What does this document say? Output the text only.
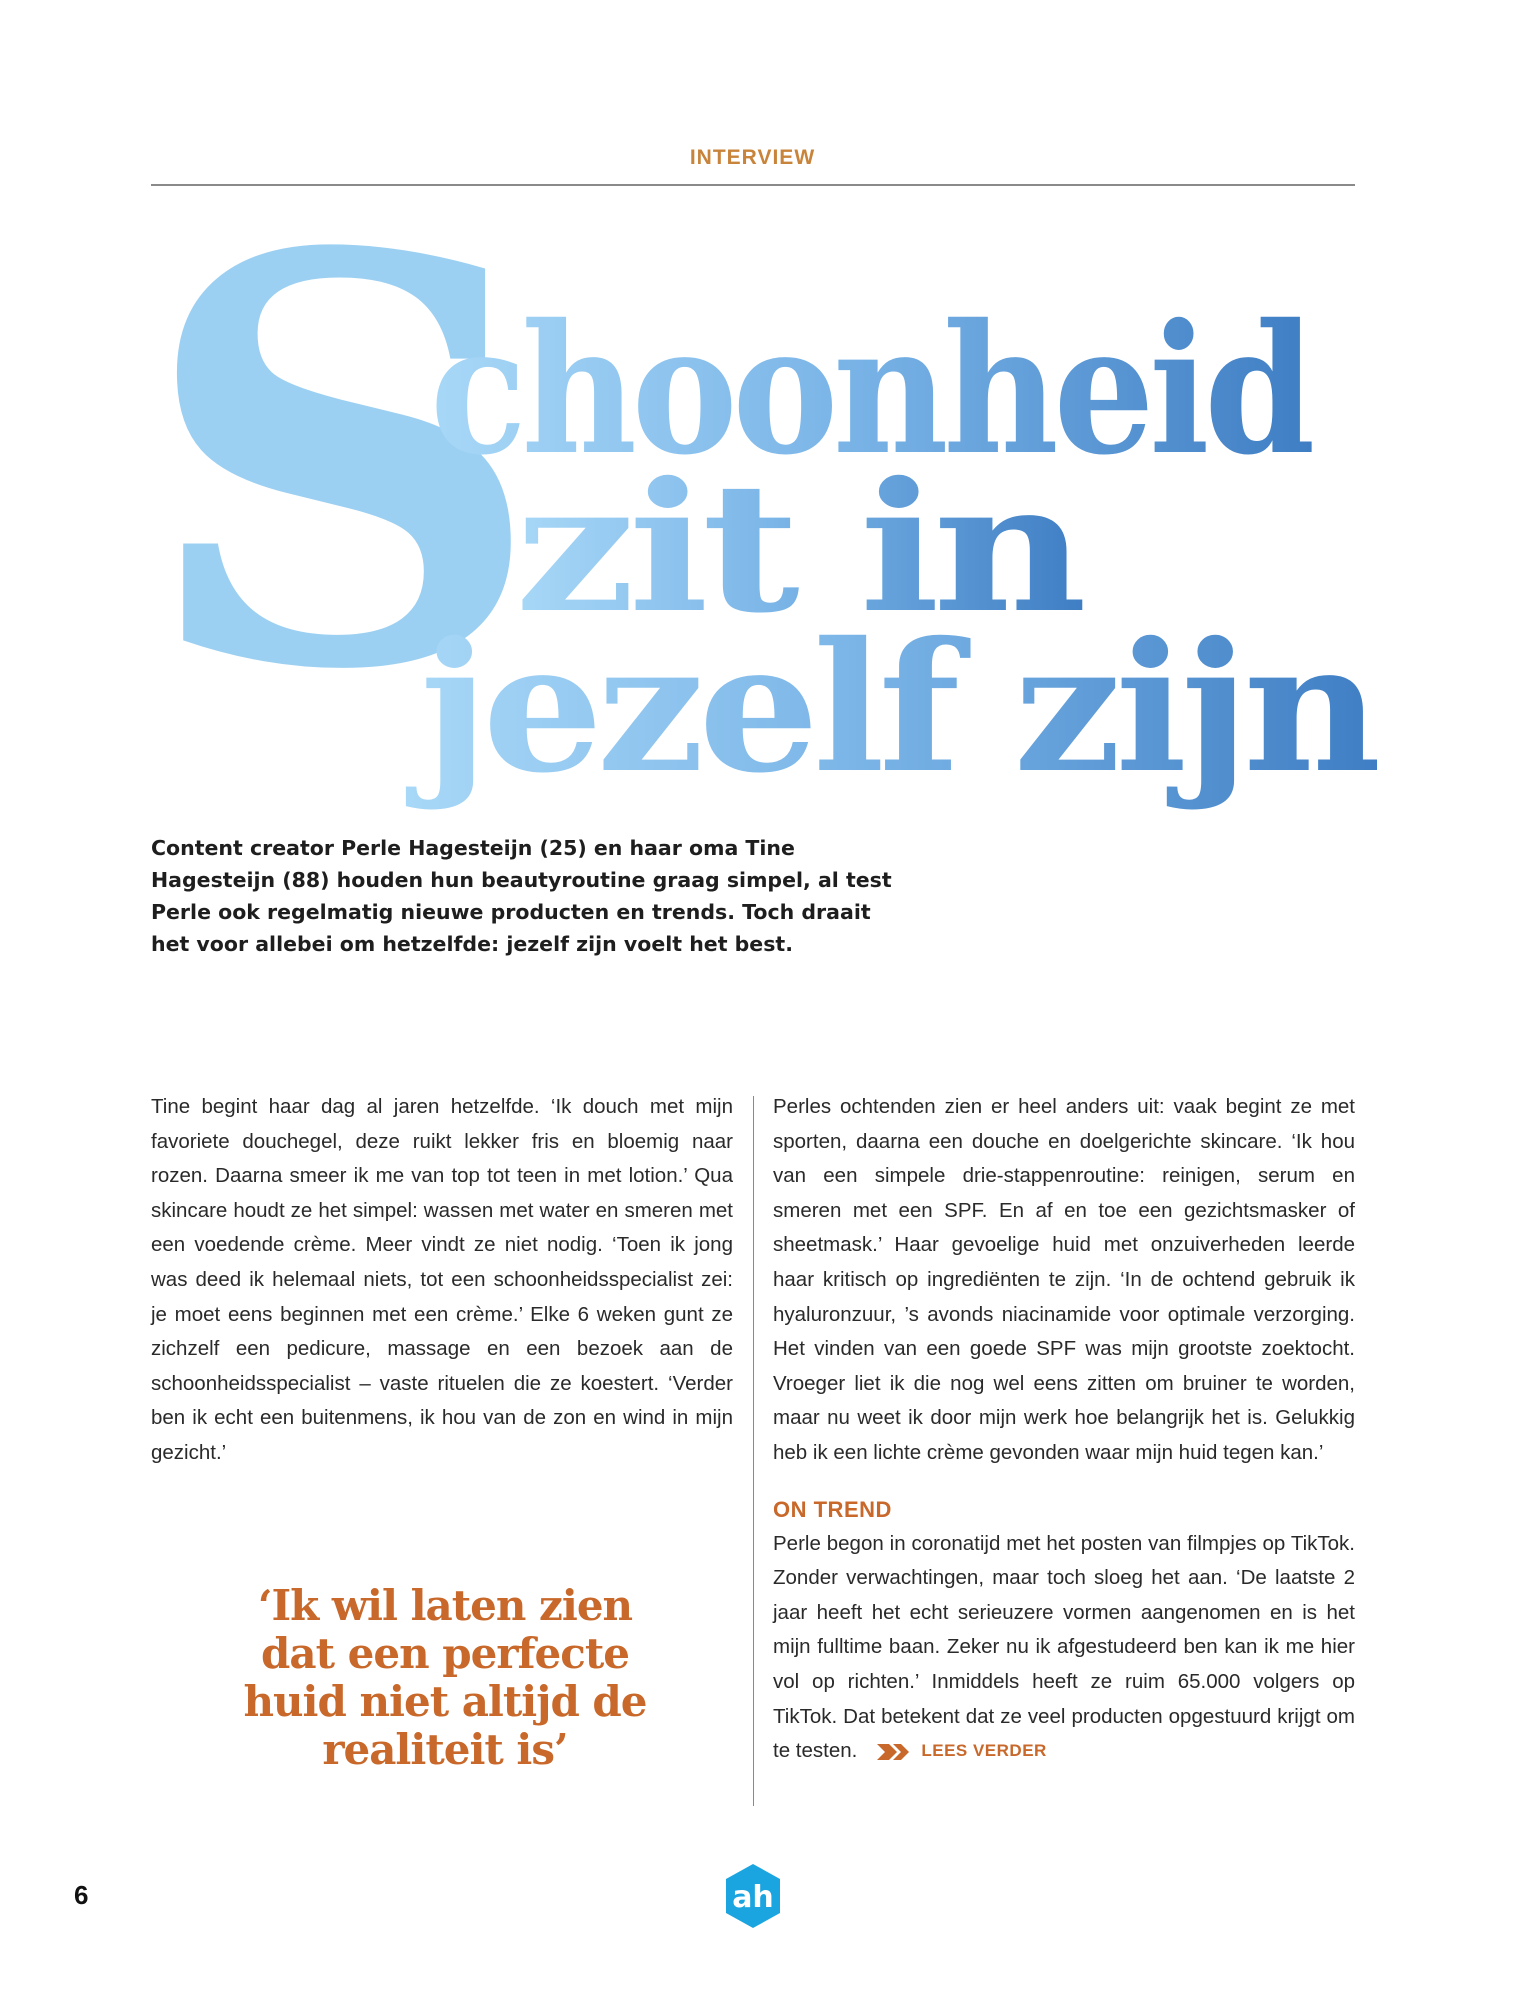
INTERVIEW
S
choonheid
zit in
jezelf zijn
Content creator Perle Hagesteijn (25) en haar oma Tine Hagesteijn (88) houden hun beautyroutine graag simpel, al test Perle ook regelmatig nieuwe producten en trends. Toch draait het voor allebei om hetzelfde: jezelf zijn voelt het best.

Tine begint haar dag al jaren hetzelfde. ‘Ik douch met mijn favoriete douchegel, deze ruikt lekker fris en bloemig naar rozen. Daarna smeer ik me van top tot teen in met lotion.’ Qua skincare houdt ze het simpel: wassen met water en smeren met een voedende crème. Meer vindt ze niet nodig. ‘Toen ik jong was deed ik helemaal niets, tot een schoonheidsspecialist zei: je moet eens beginnen met een crème.’ Elke 6 weken gunt ze zichzelf een pedicure, massage en een bezoek aan de schoonheidsspecialist – vaste rituelen die ze koestert. ‘Verder ben ik echt een buitenmens, ik hou van de zon en wind in mijn gezicht.’

Perles ochtenden zien er heel anders uit: vaak begint ze met sporten, daarna een douche en doelgerichte skincare. ‘Ik hou van een simpele drie-stappenroutine: reinigen, serum en smeren met een SPF. En af en toe een gezichtsmasker of sheetmask.’ Haar gevoelige huid met onzuiverheden leerde haar kritisch op ingrediënten te zijn. ‘In de ochtend gebruik ik hyaluronzuur, ’s avonds niacinamide voor optimale verzorging. Het vinden van een goede SPF was mijn grootste zoektocht. Vroeger liet ik die nog wel eens zitten om bruiner te worden, maar nu weet ik door mijn werk hoe belangrijk het is. Gelukkig heb ik een lichte crème gevonden waar mijn huid tegen kan.’

ON TREND

Perle begon in coronatijd met het posten van filmpjes op TikTok. Zonder verwachtingen, maar toch sloeg het aan. ‘De laatste 2 jaar heeft het echt serieuzere vormen aangenomen en is het mijn fulltime baan. Zeker nu ik afgestudeerd ben kan ik me hier vol op richten.’ Inmiddels heeft ze ruim 65.000 volgers op TikTok. Dat betekent dat ze veel producten opgestuurd krijgt om te testen.	LEES VERDER

‘Ik wil laten zien dat een perfecte huid niet altijd de realiteit is’
6	ah
